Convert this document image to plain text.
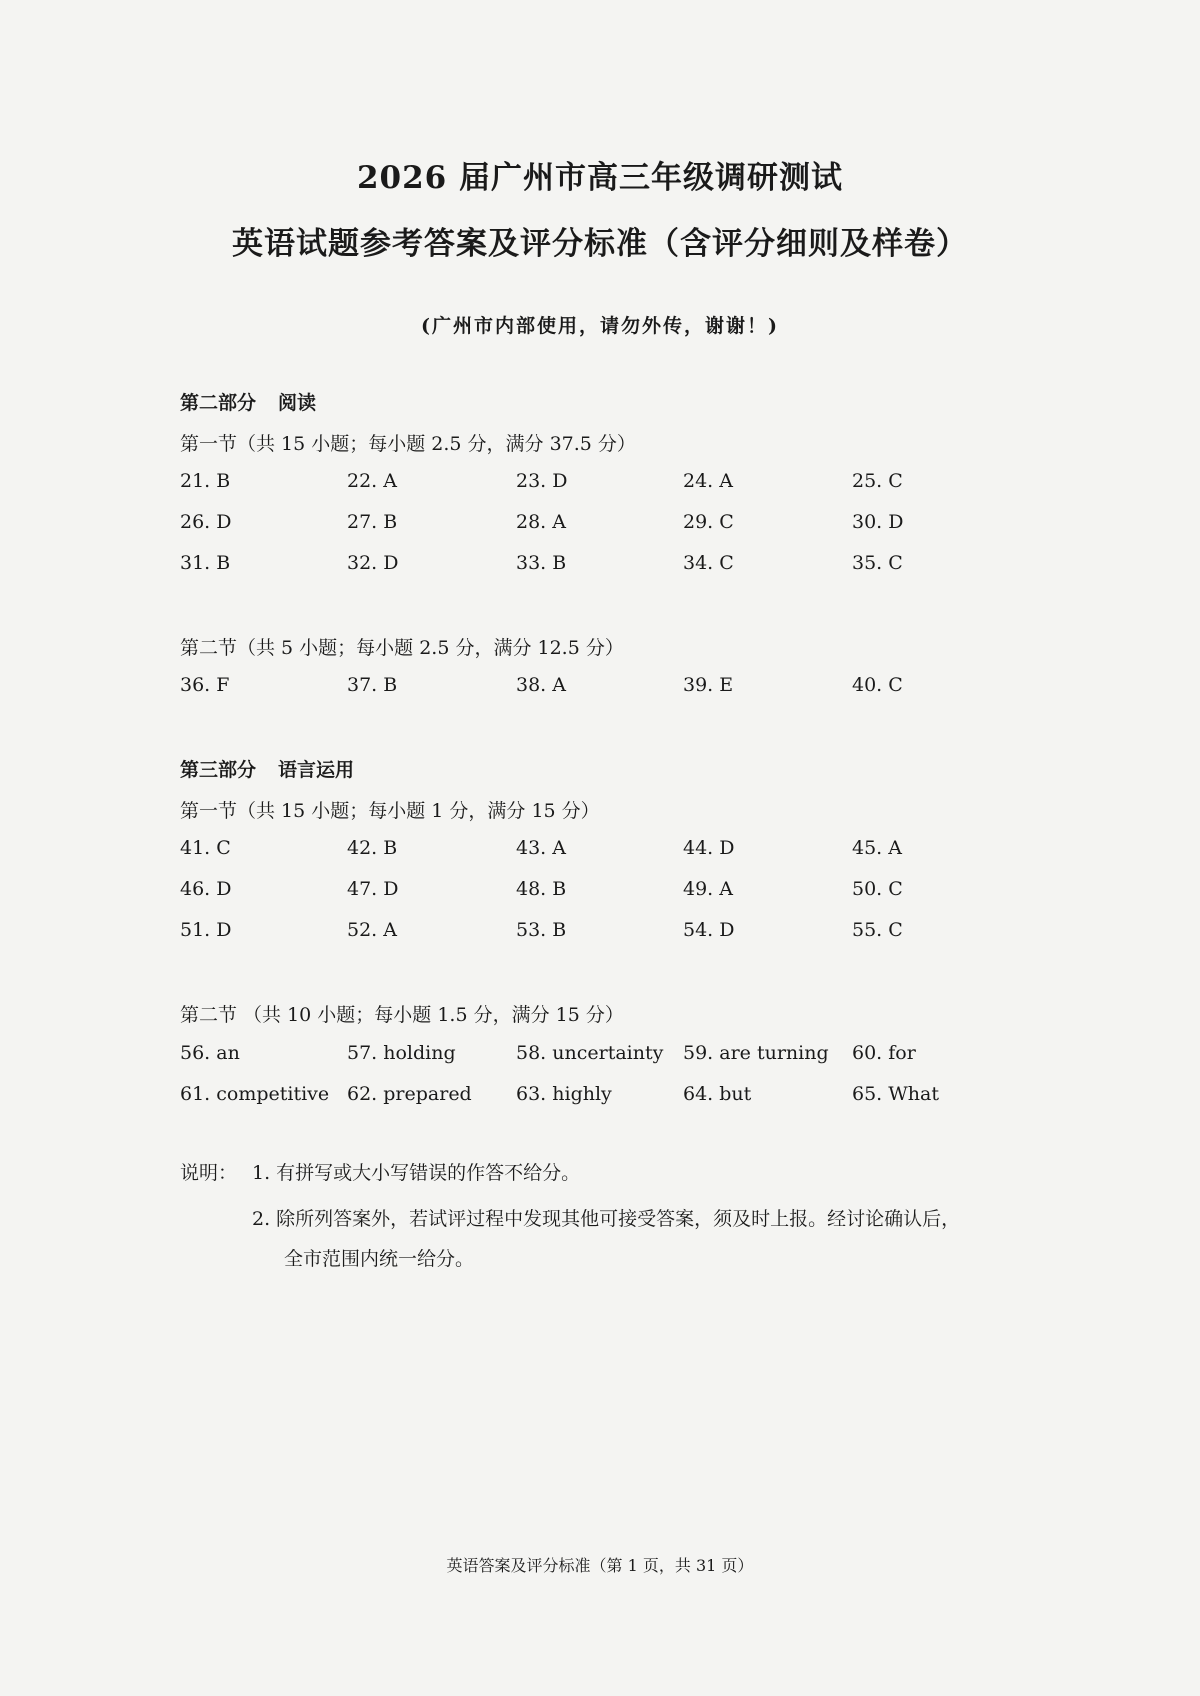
2026 届广州市高三年级调研测试
英语试题参考答案及评分标准（含评分细则及样卷）
(广州市内部使用，请勿外传，谢谢！)
第二部分 阅读
第一节（共 15 小题；每小题 2.5 分，满分 37.5 分）
21. B	22. A	23. D	24. A	25. C
26. D	27. B	28. A	29. C	30. D
31. B	32. D	33. B	34. C	35. C
第二节（共 5 小题；每小题 2.5 分，满分 12.5 分）
36. F	37. B	38. A	39. E	40. C
第三部分 语言运用
第一节（共 15 小题；每小题 1 分，满分 15 分）
41. C	42. B	43. A	44. D	45. A
46. D	47. D	48. B	49. A	50. C
51. D	52. A	53. B	54. D	55. C
第二节 （共 10 小题；每小题 1.5 分，满分 15 分）
56. an	57. holding	58. uncertainty 59. are turning 60. for
61. competitive 62. prepared 63. highly	64. but	65. What
说明： 1. 有拼写或大小写错误的作答不给分。
2. 除所列答案外，若试评过程中发现其他可接受答案，须及时上报。经讨论确认后，
全市范围内统一给分。
英语答案及评分标准（第 1 页，共 31 页）
